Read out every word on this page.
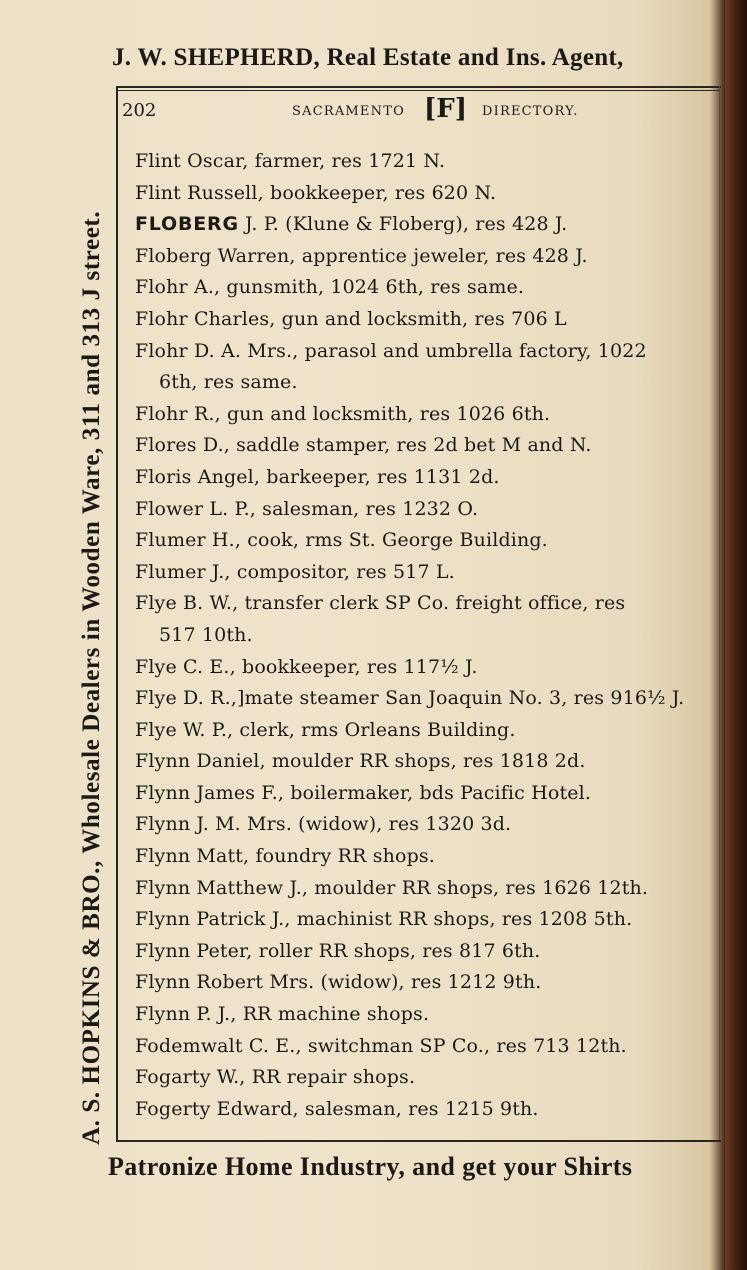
J. W. SHEPHERD, Real Estate and Ins. Agent,
A. S. HOPKINS & BRO., Wholesale Dealers in Wooden Ware, 311 and 313 J street.
202	SACRAMENTO [F] DIRECTORY.
Flint Oscar, farmer, res 1721 N.
Flint Russell, bookkeeper, res 620 N.
FLOBERG J. P. (Klune & Floberg), res 428 J.
Floberg Warren, apprentice jeweler, res 428 J.
Flohr A., gunsmith, 1024 6th, res same.
Flohr Charles, gun and locksmith, res 706 L
Flohr D. A. Mrs., parasol and umbrella factory, 1022
6th, res same.
Flohr R., gun and locksmith, res 1026 6th.
Flores D., saddle stamper, res 2d bet M and N.
Floris Angel, barkeeper, res 1131 2d.
Flower L. P., salesman, res 1232 O.
Flumer H., cook, rms St. George Building.
Flumer J., compositor, res 517 L.
Flye B. W., transfer clerk SP Co. freight office, res
517 10th.
Flye C. E., bookkeeper, res 117½ J.
Flye D. R.,]mate steamer San Joaquin No. 3, res 916½ J.
Flye W. P., clerk, rms Orleans Building.
Flynn Daniel, moulder RR shops, res 1818 2d.
Flynn James F., boilermaker, bds Pacific Hotel.
Flynn J. M. Mrs. (widow), res 1320 3d.
Flynn Matt, foundry RR shops.
Flynn Matthew J., moulder RR shops, res 1626 12th.
Flynn Patrick J., machinist RR shops, res 1208 5th.
Flynn Peter, roller RR shops, res 817 6th.
Flynn Robert Mrs. (widow), res 1212 9th.
Flynn P. J., RR machine shops.
Fodemwalt C. E., switchman SP Co., res 713 12th.
Fogarty W., RR repair shops.
Fogerty Edward, salesman, res 1215 9th.
Patronize Home Industry, and get your Shirts
